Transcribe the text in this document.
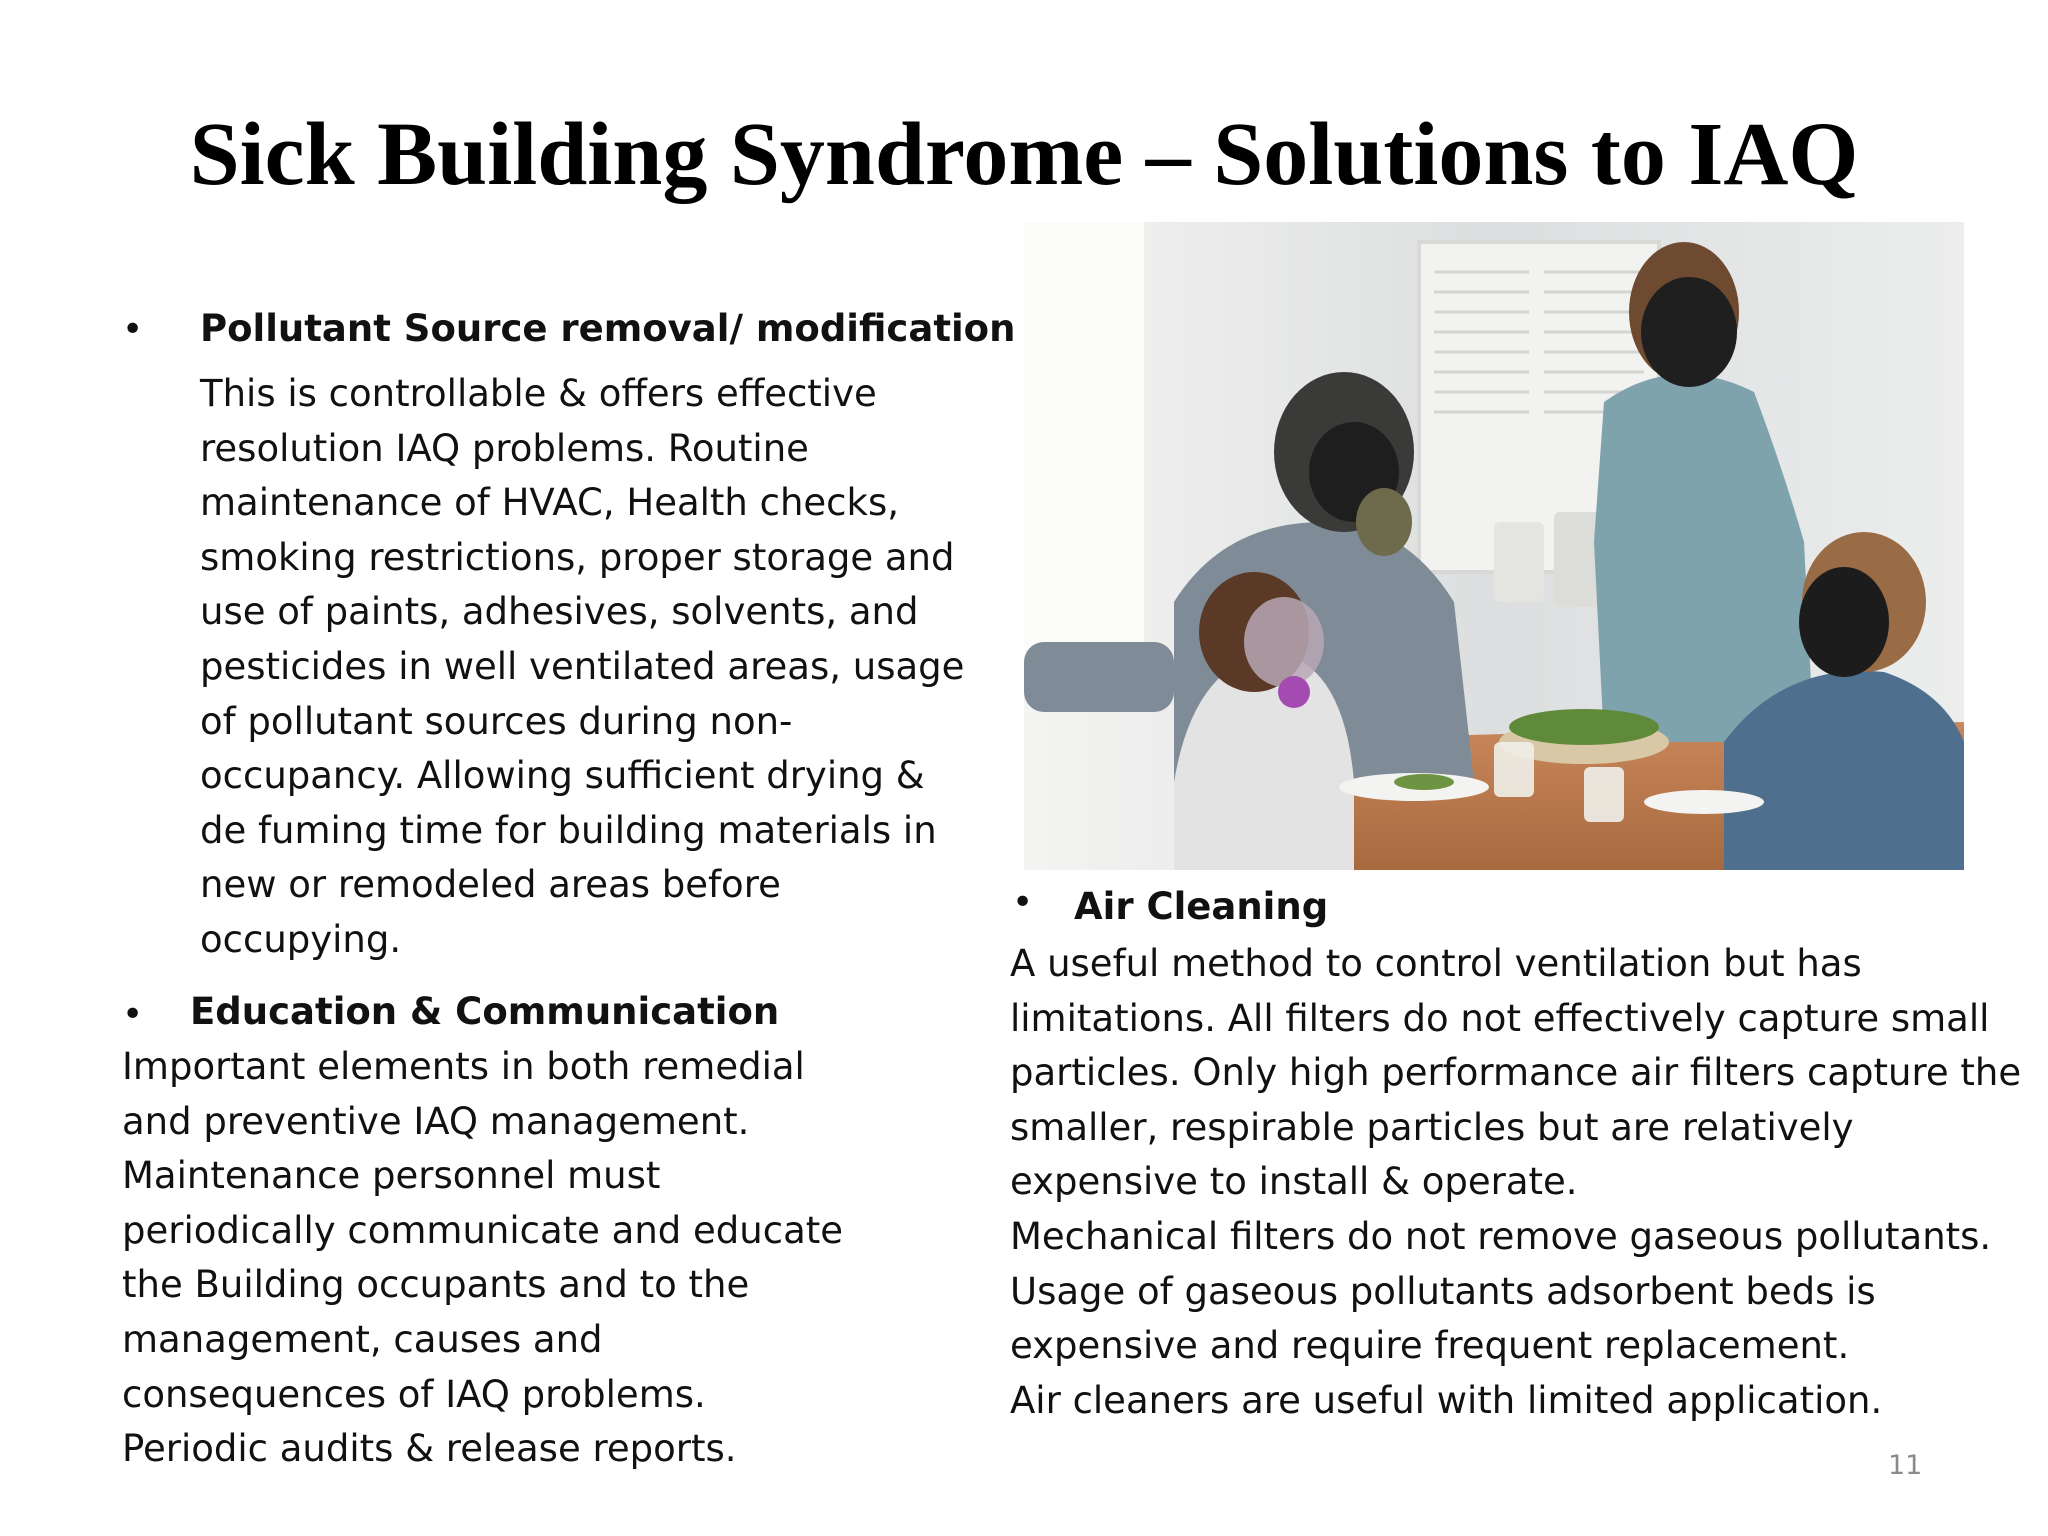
Sick Building Syndrome – Solutions to IAQ
• Pollutant Source removal/ modification
This is controllable & offers effective
resolution IAQ problems. Routine
maintenance of HVAC, Health checks,
smoking restrictions, proper storage and
use of paints, adhesives, solvents, and
pesticides in well ventilated areas, usage
of pollutant sources during non-
occupancy. Allowing sufficient drying &
de fuming time for building materials in
new or remodeled areas before
occupying.
• Education & Communication
Important elements in both remedial
and preventive IAQ management.
Maintenance personnel must
periodically communicate and educate
the Building occupants and to the
management, causes and
consequences of IAQ problems.
Periodic audits & release reports.
• Air Cleaning
A useful method to control ventilation but has
limitations. All filters do not effectively capture small
particles. Only high performance air filters capture the
smaller, respirable particles but are relatively
expensive to install & operate.
Mechanical filters do not remove gaseous pollutants.
Usage of gaseous pollutants adsorbent beds is
expensive and require frequent replacement.
Air cleaners are useful with limited application.
11
